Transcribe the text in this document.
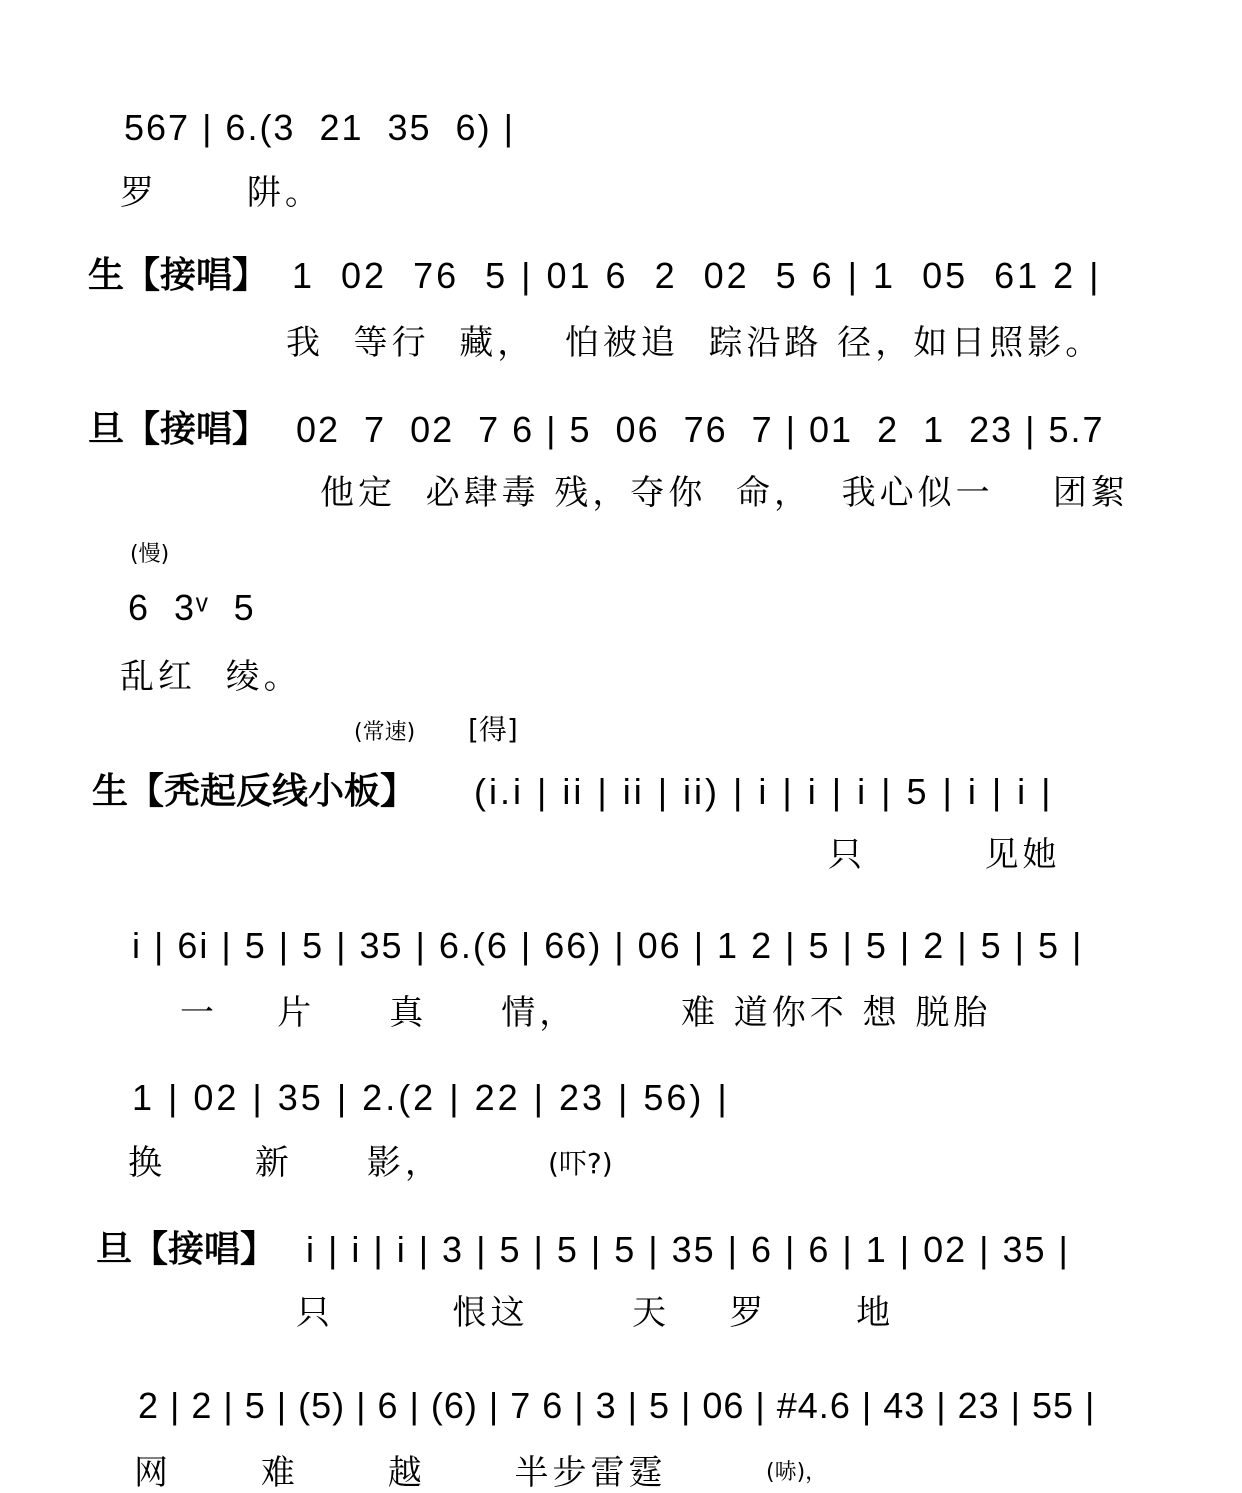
567 | 6.(3  21  35  6) |
罗      阱。
生【接唱】 1  02  76  5 | 01 6  2  02  5 6 | 1  05  61 2 |
我  等行  藏，  怕被追  踪沿路 径，如日照影。
旦【接唱】 02  7  02  7 6 | 5  06  76  7 | 01  2  1  23 | 5.7
他定  必肆毒 残，夺你  命，  我心似一    团絮
(慢)
6  3ᵛ  5
乱红  绫。
(常速) [得]
生【秃起反线小板】 (i.i | ii | ii | ii) | i | i | i | 5 | i | i |
只        见她
i | 6i | 5 | 5 | 35 | 6.(6 | 66) | 06 | 1 2 | 5 | 5 | 2 | 5 | 5 |
一    片     真     情，       难 道你不 想 脱胎
1 | 02 | 35 | 2.(2 | 22 | 23 | 56) |
换      新     影，	(吓?)
旦【接唱】 i | i | i | 3 | 5 | 5 | 5 | 35 | 6 | 6 | 1 | 02 | 35 |
只        恨这       天    罗      地
2 | 2 | 5 | (5) | 6 | (6) | 7 6 | 3 | 5 | 06 | #4.6 | 43 | 23 | 55 |
网      难      越      半步雷霆	(哧)，
